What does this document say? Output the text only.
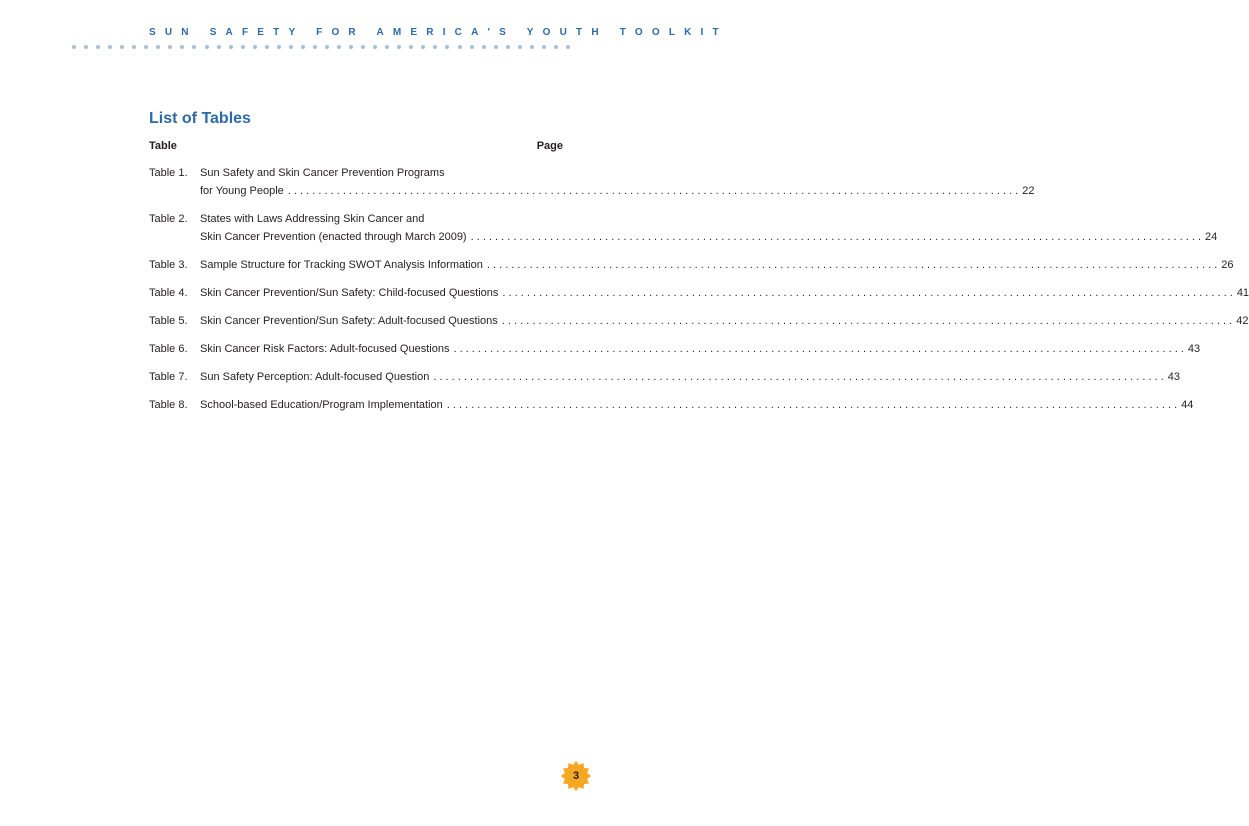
SUN SAFETY FOR AMERICA'S YOUTH TOOLKIT
List of Tables
Table	Page
Table 1.	Sun Safety and Skin Cancer Prevention Programs
for Young People . . .	22
Table 2.	States with Laws Addressing Skin Cancer and
Skin Cancer Prevention (enacted through March 2009) . . .	24
Table 3.	Sample Structure for Tracking SWOT Analysis Information . . .	26
Table 4.	Skin Cancer Prevention/Sun Safety: Child-focused Questions . . .	41
Table 5.	Skin Cancer Prevention/Sun Safety: Adult-focused Questions . . .	42
Table 6.	Skin Cancer Risk Factors: Adult-focused Questions . . .	43
Table 7.	Sun Safety Perception: Adult-focused Question . . .	43
Table 8.	School-based Education/Program Implementation . . .	44
3
